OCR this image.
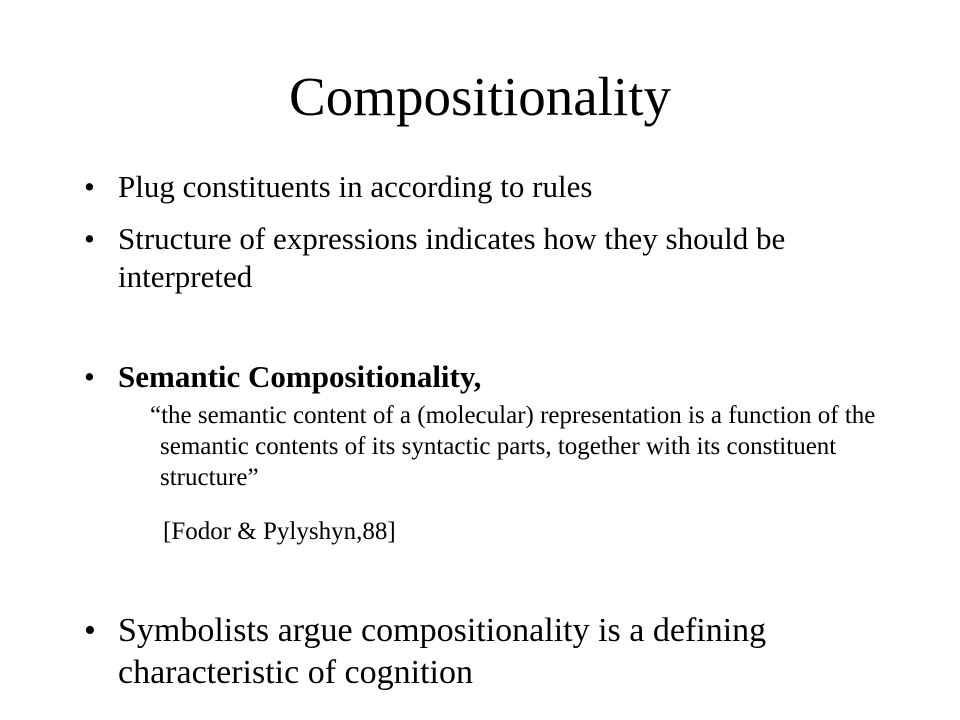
Compositionality
• Plug constituents in according to rules
• Structure of expressions indicates how they should be interpreted
• Semantic Compositionality,
“the semantic content of a (molecular) representation is a function of the semantic contents of its syntactic parts, together with its constituent structure”
[Fodor & Pylyshyn,88]
• Symbolists argue compositionality is a defining characteristic of cognition
